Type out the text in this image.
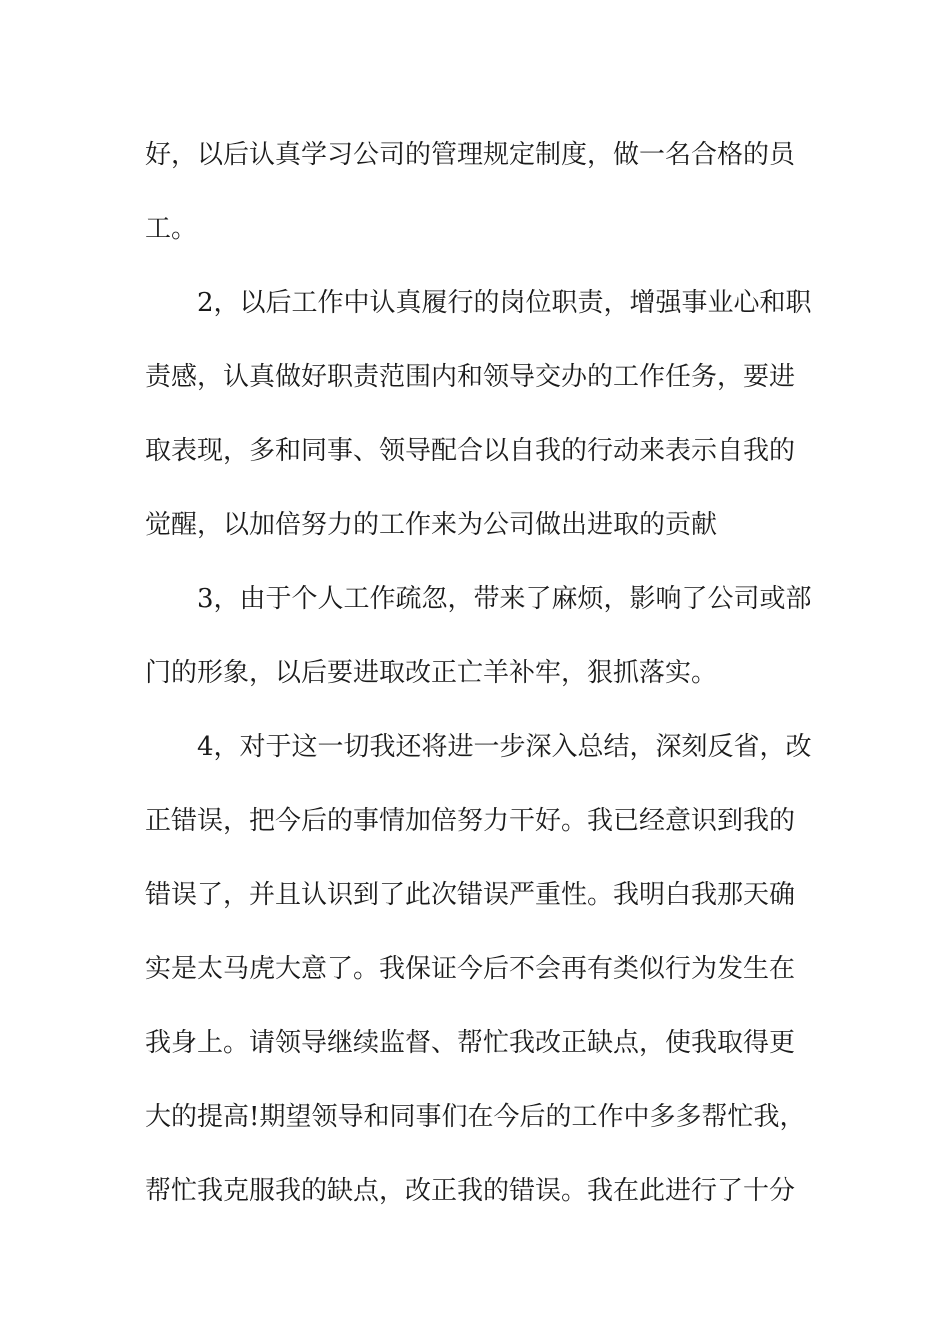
好，以后认真学习公司的管理规定制度，做一名合格的员
工。

2，以后工作中认真履行的岗位职责，增强事业心和职
责感，认真做好职责范围内和领导交办的工作任务，要进
取表现，多和同事、领导配合以自我的行动来表示自我的
觉醒，以加倍努力的工作来为公司做出进取的贡献

3，由于个人工作疏忽，带来了麻烦，影响了公司或部
门的形象，以后要进取改正亡羊补牢，狠抓落实。

4，对于这一切我还将进一步深入总结，深刻反省，改
正错误，把今后的事情加倍努力干好。我已经意识到我的
错误了，并且认识到了此次错误严重性。我明白我那天确
实是太马虎大意了。我保证今后不会再有类似行为发生在
我身上。请领导继续监督、帮忙我改正缺点，使我取得更
大的提高!期望领导和同事们在今后的工作中多多帮忙我，
帮忙我克服我的缺点，改正我的错误。我在此进行了十分
